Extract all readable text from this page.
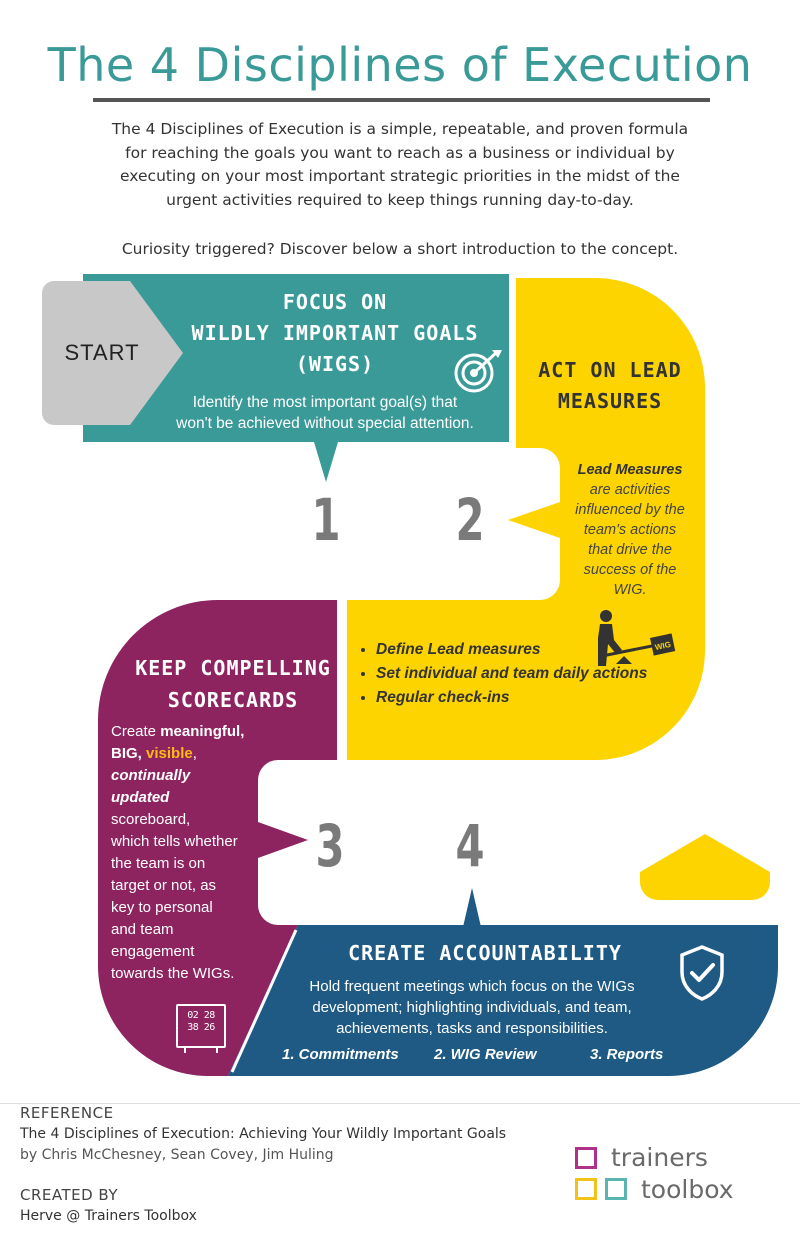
The 4 Disciplines of Execution
The 4 Disciplines of Execution is a simple, repeatable, and proven formula
for reaching the goals you want to reach as a business or individual by
executing on your most important strategic priorities in the midst of the
urgent activities required to keep things running day-to-day.
Curiosity triggered? Discover below a short introduction to the concept.
START
FOCUS ON
WILDLY IMPORTANT GOALS
(WIGS)
Identify the most important goal(s) that
won't be achieved without special attention.
1
ACT ON LEAD
MEASURES
Lead Measures
are activities
influenced by the
team's actions
that drive the
success of the
WIG.
WIG
• Define Lead measures
• Set individual and team daily actions
• Regular check-ins
2
KEEP COMPELLING
SCORECARDS
Create meaningful,
BIG, visible,
continually
updated
scoreboard,
which tells whether
the team is on
target or not, as
key to personal
and team
engagement
towards the WIGs.
02 28
38 26
3 4
CREATE ACCOUNTABILITY
Hold frequent meetings which focus on the WIGs
development; highlighting individuals, and team,
achievements, tasks and responsibilities.
1. Commitments 2. WIG Review	3. Reports
REFERENCE
The 4 Disciplines of Execution: Achieving Your Wildly Important Goals
by Chris McChesney, Sean Covey, Jim Huling
CREATED BY
Herve @ Trainers Toolbox
trainers
toolbox
